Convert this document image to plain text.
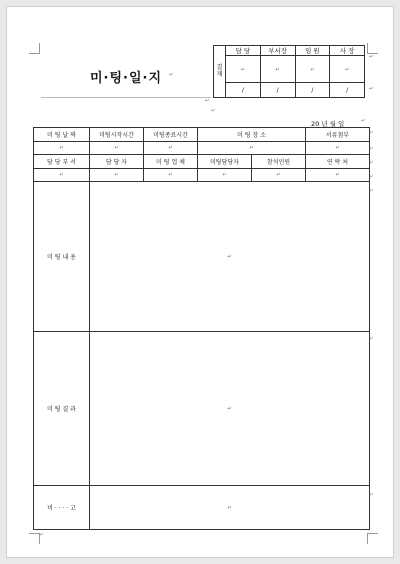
미·팅·일·지
결
재	담 당	부서장	임 원	사 장
	↵	↵	↵	↵
	/	/	/	/
20 년 월 일
미 팅 날 짜	미팅시작시간	미팅종료시간	미 팅 장 소		서류첨부
↵	↵	↵	↵		↵
담 당 부 서	담 당 자	미 팅 업 체	미팅담당자	참석인원	연 락 처
↵	↵	↵	↵	↵	↵
미 팅 내 용	↵				
미 팅 결 과	↵				
비 · · · · 고	↵				
↵
↵
↵
↵
↵
↵
↵
↵
↵
↵
↵
↵
↵
↵
